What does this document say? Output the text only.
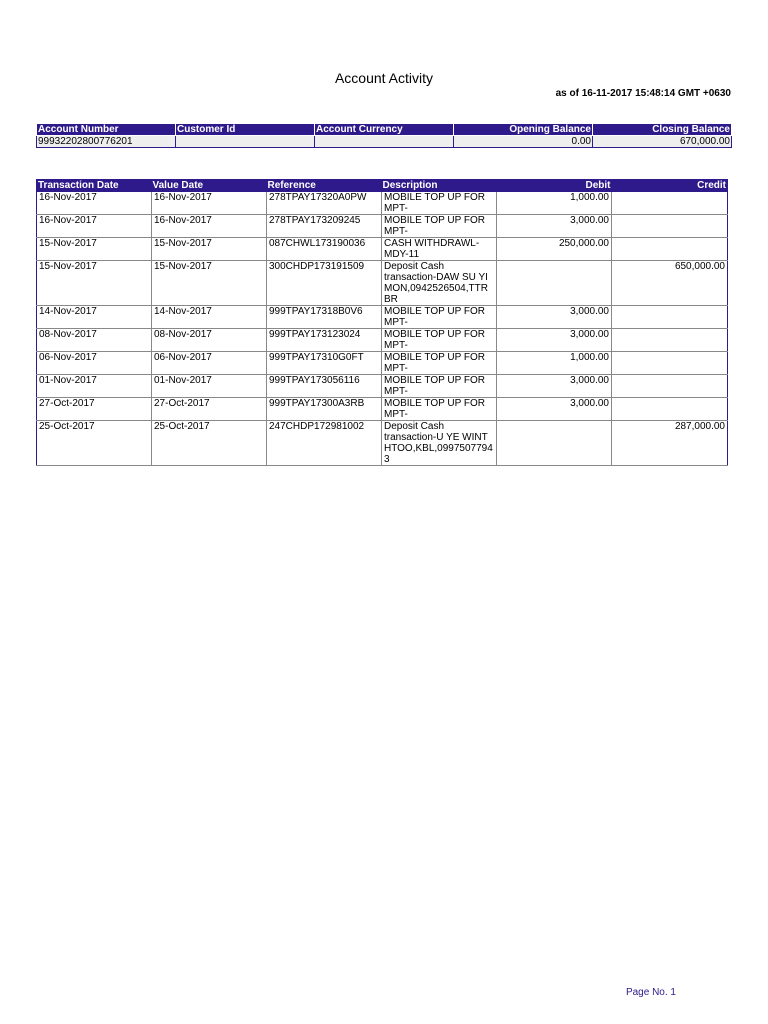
Account Activity
as of 16-11-2017 15:48:14 GMT +0630
Account Number	Customer Id	Account Currency	Opening Balance	Closing Balance
99932202800776201			0.00	670,000.00
Transaction Date	Value Date	Reference	Description	Debit	Credit
16-Nov-2017	16-Nov-2017	278TPAY17320A0PW	MOBILE TOP UP FOR MPT-	1,000.00	
16-Nov-2017	16-Nov-2017	278TPAY173209245	MOBILE TOP UP FOR MPT-	3,000.00	
15-Nov-2017	15-Nov-2017	087CHWL173190036	CASH WITHDRAWL-MDY-11	250,000.00	
15-Nov-2017	15-Nov-2017	300CHDP173191509	Deposit Cash transaction-DAW SU YI MON,0942526504,TTR BR		650,000.00
14-Nov-2017	14-Nov-2017	999TPAY17318B0V6	MOBILE TOP UP FOR MPT-	3,000.00	
08-Nov-2017	08-Nov-2017	999TPAY173123024	MOBILE TOP UP FOR MPT-	3,000.00	
06-Nov-2017	06-Nov-2017	999TPAY17310G0FT	MOBILE TOP UP FOR MPT-	1,000.00	
01-Nov-2017	01-Nov-2017	999TPAY173056116	MOBILE TOP UP FOR MPT-	3,000.00	
27-Oct-2017	27-Oct-2017	999TPAY17300A3RB	MOBILE TOP UP FOR MPT-	3,000.00	
25-Oct-2017	25-Oct-2017	247CHDP172981002	Deposit Cash transaction-U YE WINT HTOO,KBL,0997507794 3		287,000.00
Page No. 1
